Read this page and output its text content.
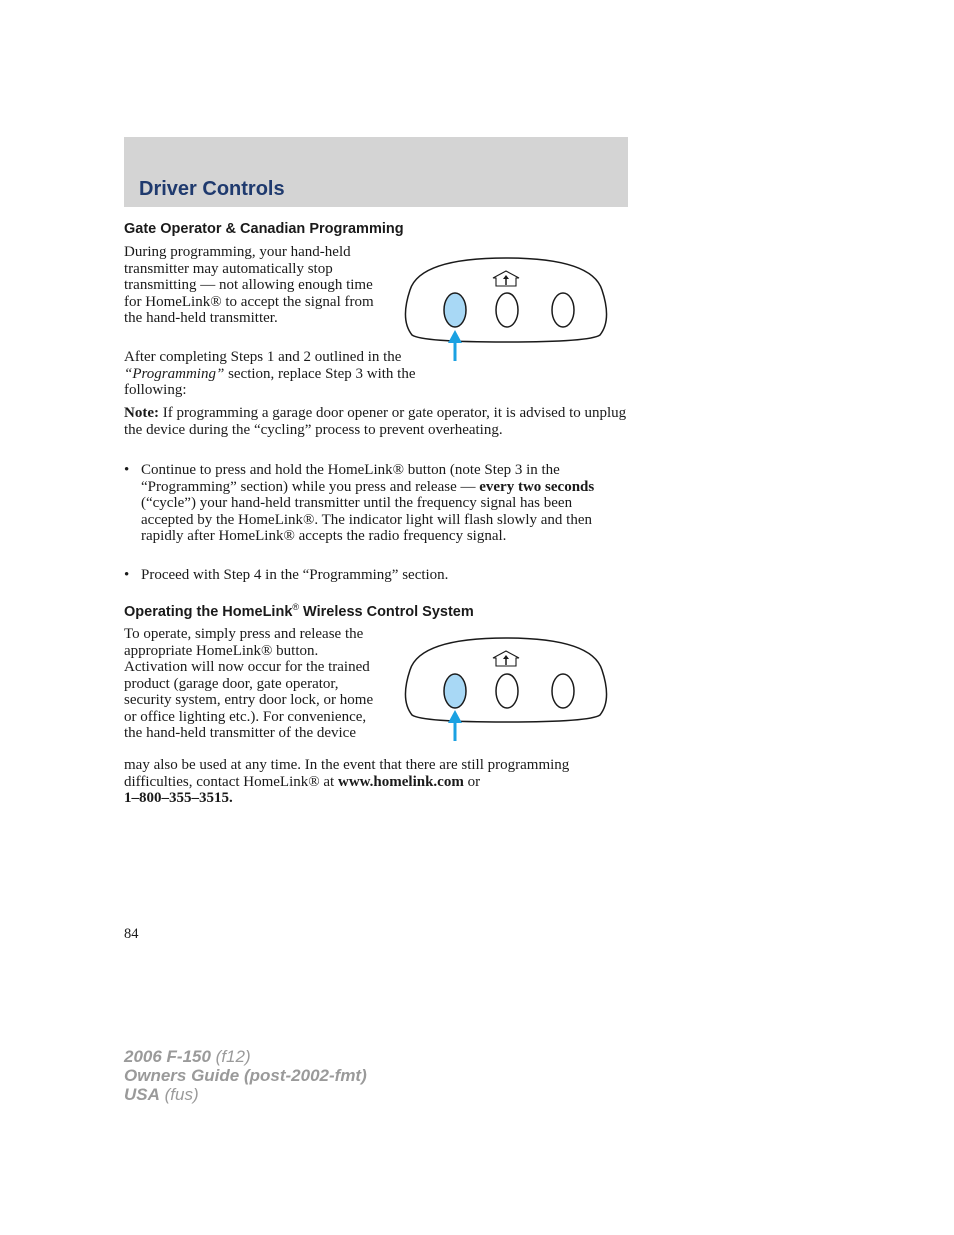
Driver Controls
Gate Operator & Canadian Programming
During programming, your hand-held transmitter may automatically stop transmitting — not allowing enough time for HomeLink® to accept the signal from the hand-held transmitter.
After completing Steps 1 and 2 outlined in the “Programming” section, replace Step 3 with the following:
Note: If programming a garage door opener or gate operator, it is advised to unplug the device during the “cycling” process to prevent overheating.
• Continue to press and hold the HomeLink® button (note Step 3 in the “Programming” section) while you press and release — every two seconds (“cycle”) your hand-held transmitter until the frequency signal has been accepted by the HomeLink®. The indicator light will flash slowly and then rapidly after HomeLink® accepts the radio frequency signal.
• Proceed with Step 4 in the “Programming” section.
Operating the HomeLink® Wireless Control System
To operate, simply press and release the appropriate HomeLink® button. Activation will now occur for the trained product (garage door, gate operator, security system, entry door lock, or home or office lighting etc.). For convenience, the hand-held transmitter of the device
may also be used at any time. In the event that there are still programming difficulties, contact HomeLink® at www.homelink.com or
1–800–355–3515.
84
2006 F-150 (f12)
Owners Guide (post-2002-fmt)
USA (fus)
